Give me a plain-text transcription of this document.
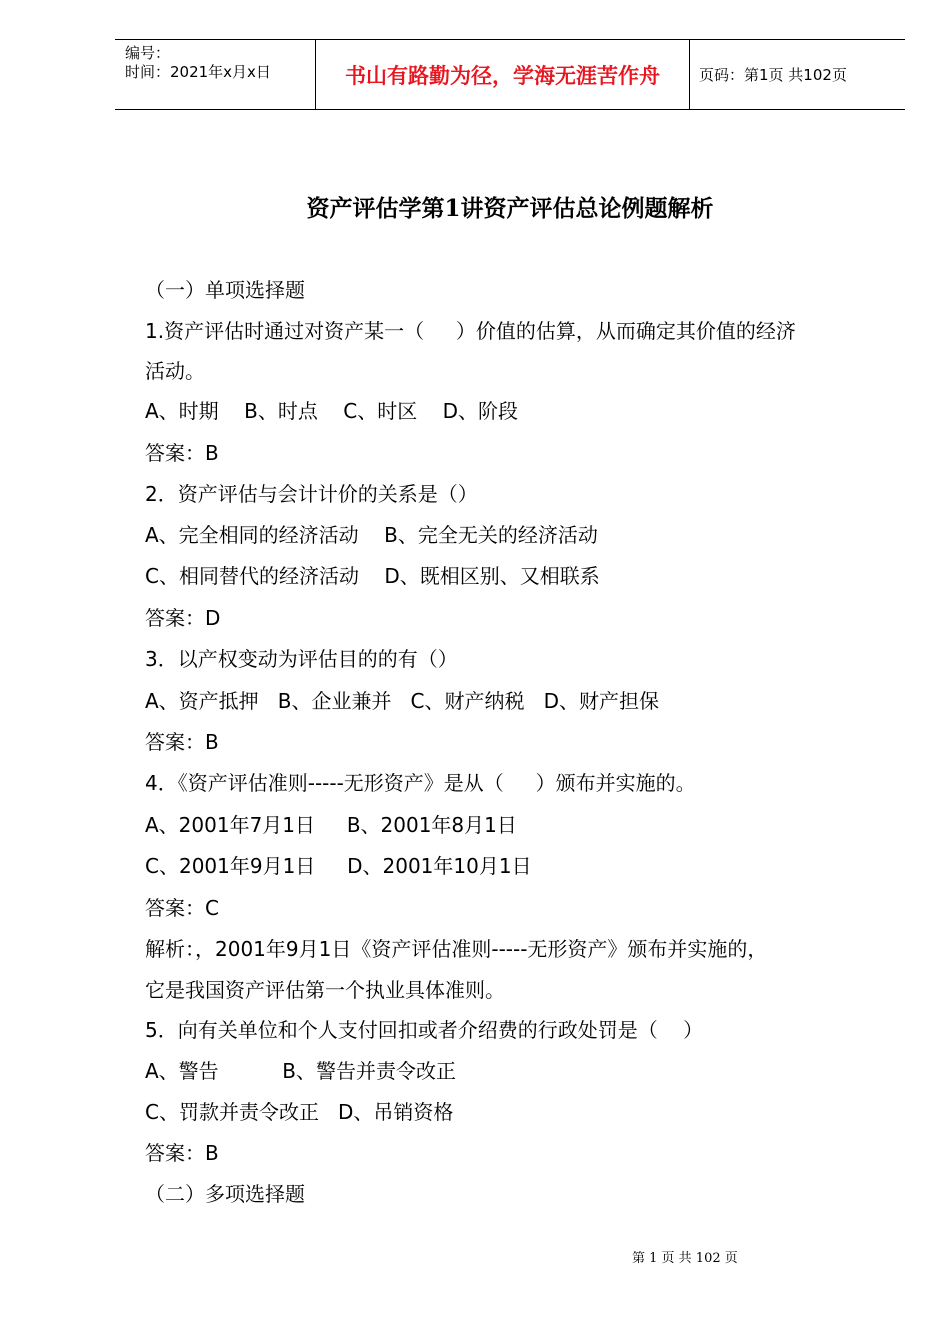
编号：
时间：2021年x月x日	书山有路勤为径，学海无涯苦作舟	页码：第1页 共102页
资产评估学第1讲资产评估总论例题解析
（一）单项选择题
1.资产评估时通过对资产某一（     ）价值的估算，从而确定其价值的经济
活动。
A、时期    B、时点    C、时区    D、阶段
答案：B
2．资产评估与会计计价的关系是（）
A、完全相同的经济活动    B、完全无关的经济活动
C、相同替代的经济活动    D、既相区别、又相联系
答案：D
3．以产权变动为评估目的的有（）
A、资产抵押   B、企业兼并   C、财产纳税   D、财产担保
答案：B
4．《资产评估准则-----无形资产》是从（     ）颁布并实施的。
A、2001年7月1日     B、2001年8月1日
C、2001年9月1日     D、2001年10月1日
答案：C
解析：，2001年9月1日《资产评估准则-----无形资产》颁布并实施的，
它是我国资产评估第一个执业具体准则。
5．向有关单位和个人支付回扣或者介绍费的行政处罚是（    ）
A、警告          B、警告并责令改正
C、罚款并责令改正   D、吊销资格
答案：B
（二）多项选择题
第 1 页 共 102 页
